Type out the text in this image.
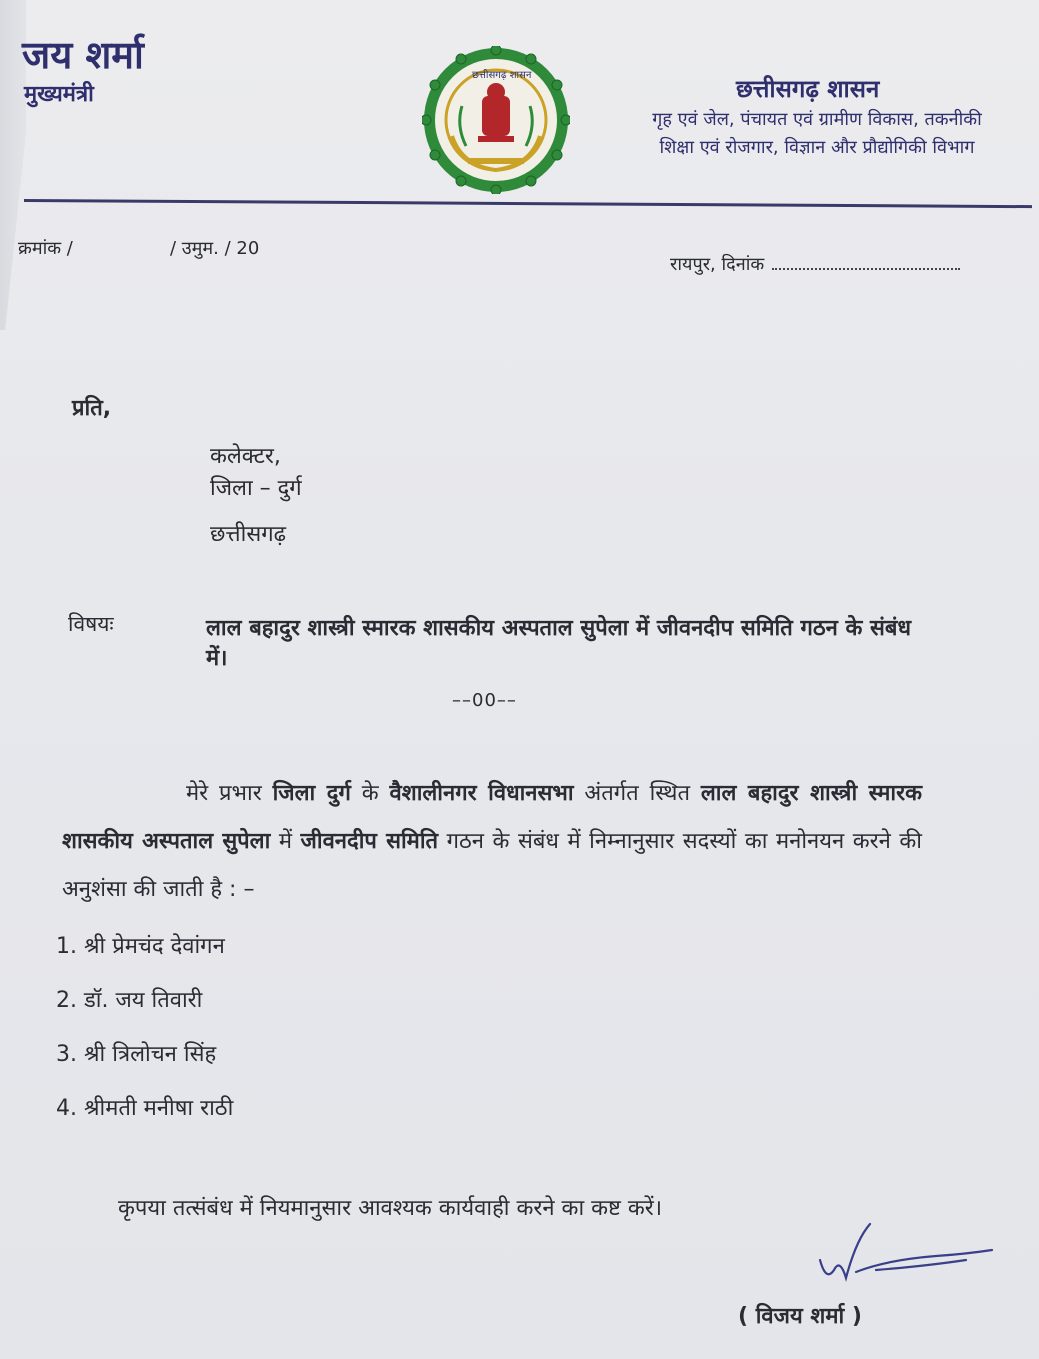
जय शर्मा
मुख्यमंत्री
छत्तीसगढ़ शासन	छत्तीसगढ़ शासन
गृह एवं जेल, पंचायत एवं ग्रामीण विकास, तकनीकी शिक्षा एवं रोजगार, विज्ञान और प्रौद्योगिकी विभाग
क्रमांक /	/ उमुम. / 20
रायपुर, दिनांक
प्रति,
कलेक्टर,
जिला – दुर्ग
छत्तीसगढ़
विषयः	लाल बहादुर शास्त्री स्मारक शासकीय अस्पताल सुपेला में जीवनदीप समिति गठन के संबंध में।
––00––
मेरे प्रभार जिला दुर्ग के वैशालीनगर विधानसभा अंतर्गत स्थित लाल बहादुर शास्त्री स्मारक शासकीय अस्पताल सुपेला में जीवनदीप समिति गठन के संबंध में निम्नानुसार सदस्यों का मनोनयन करने की अनुशंसा की जाती है : –
1. श्री प्रेमचंद देवांगन
2. डॉ. जय तिवारी
3. श्री त्रिलोचन सिंह
4. श्रीमती मनीषा राठी
कृपया तत्संबंध में नियमानुसार आवश्यक कार्यवाही करने का कष्ट करें।
( विजय शर्मा )
